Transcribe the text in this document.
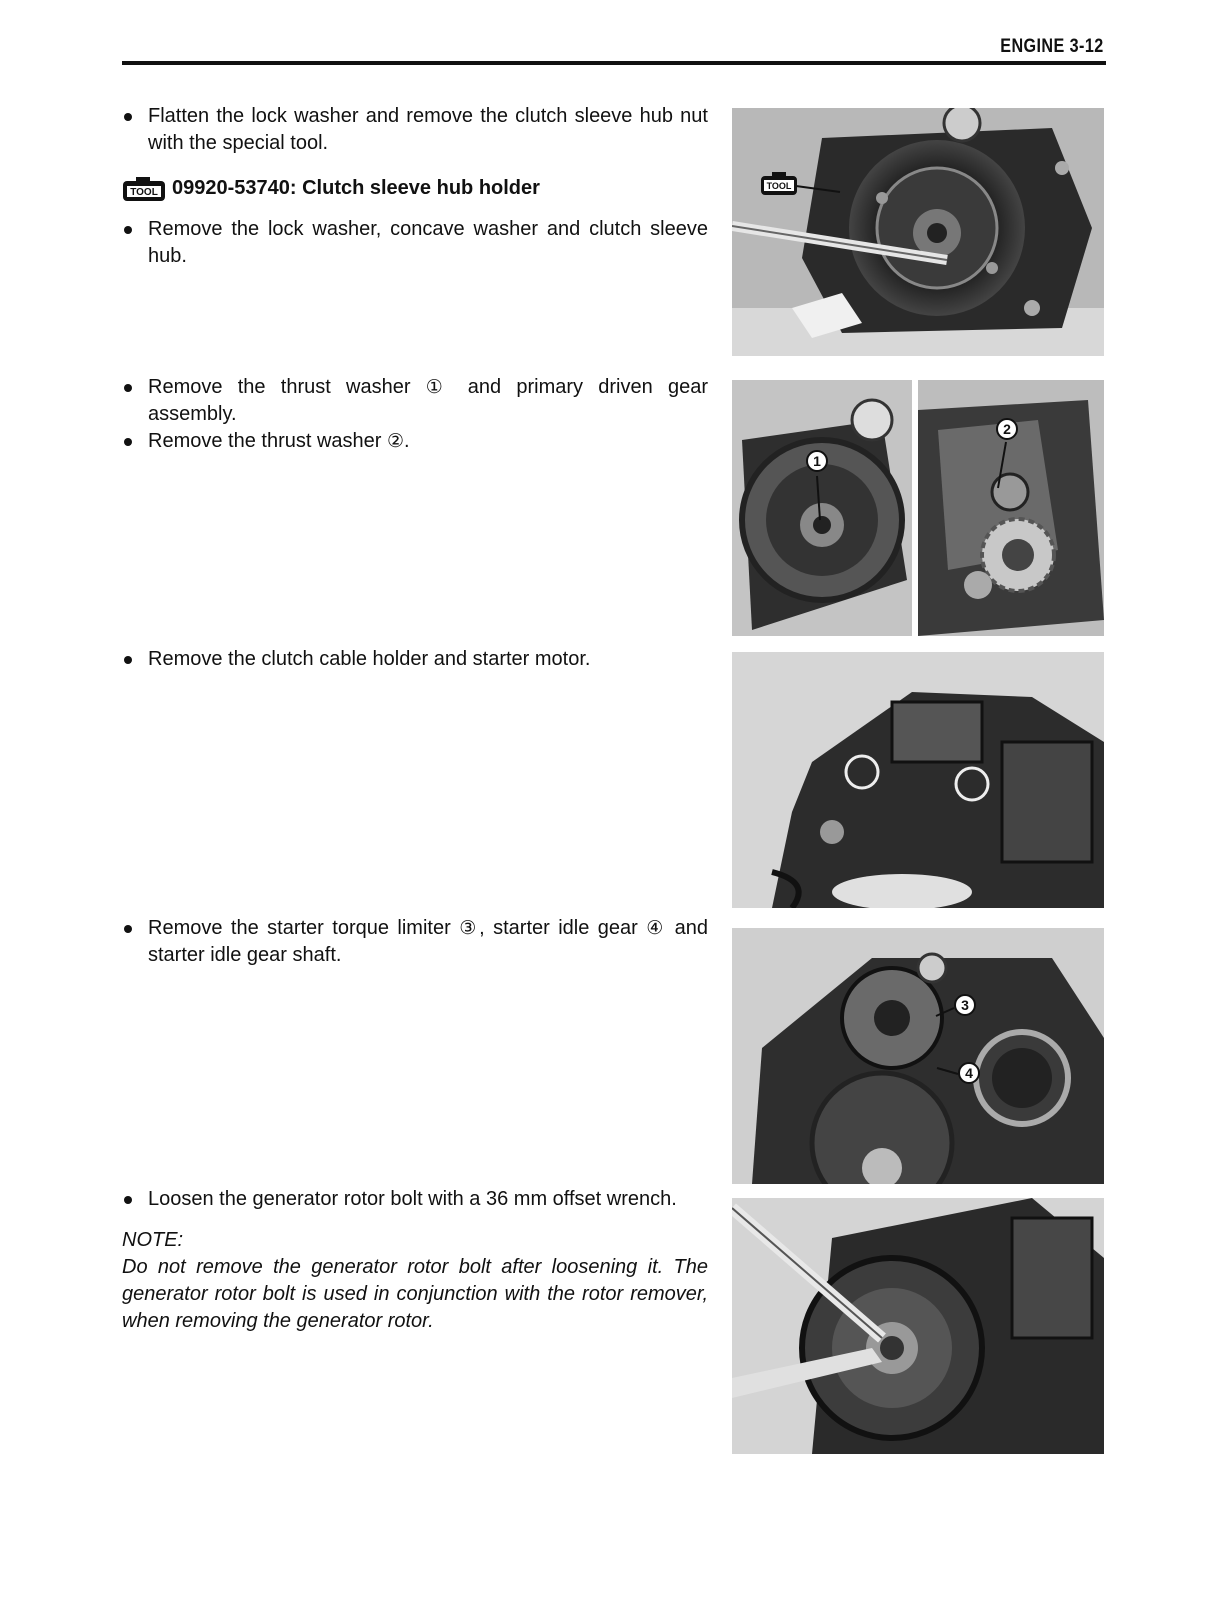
ENGINE 3-12
Flatten the lock washer and remove the clutch sleeve hub nut with the special tool.
TOOL 09920-53740: Clutch sleeve hub holder
Remove the lock washer, concave washer and clutch sleeve hub.
Remove the thrust washer ① and primary driven gear assembly.
Remove the thrust washer ②.
Remove the clutch cable holder and starter motor.
Remove the starter torque limiter ③, starter idle gear ④ and starter idle gear shaft.
Loosen the generator rotor bolt with a 36 mm offset wrench.
NOTE:
Do not remove the generator rotor bolt after loosening it. The generator rotor bolt is used in conjunction with the rotor remover, when removing the generator rotor.
TOOL
1
2
3
4
